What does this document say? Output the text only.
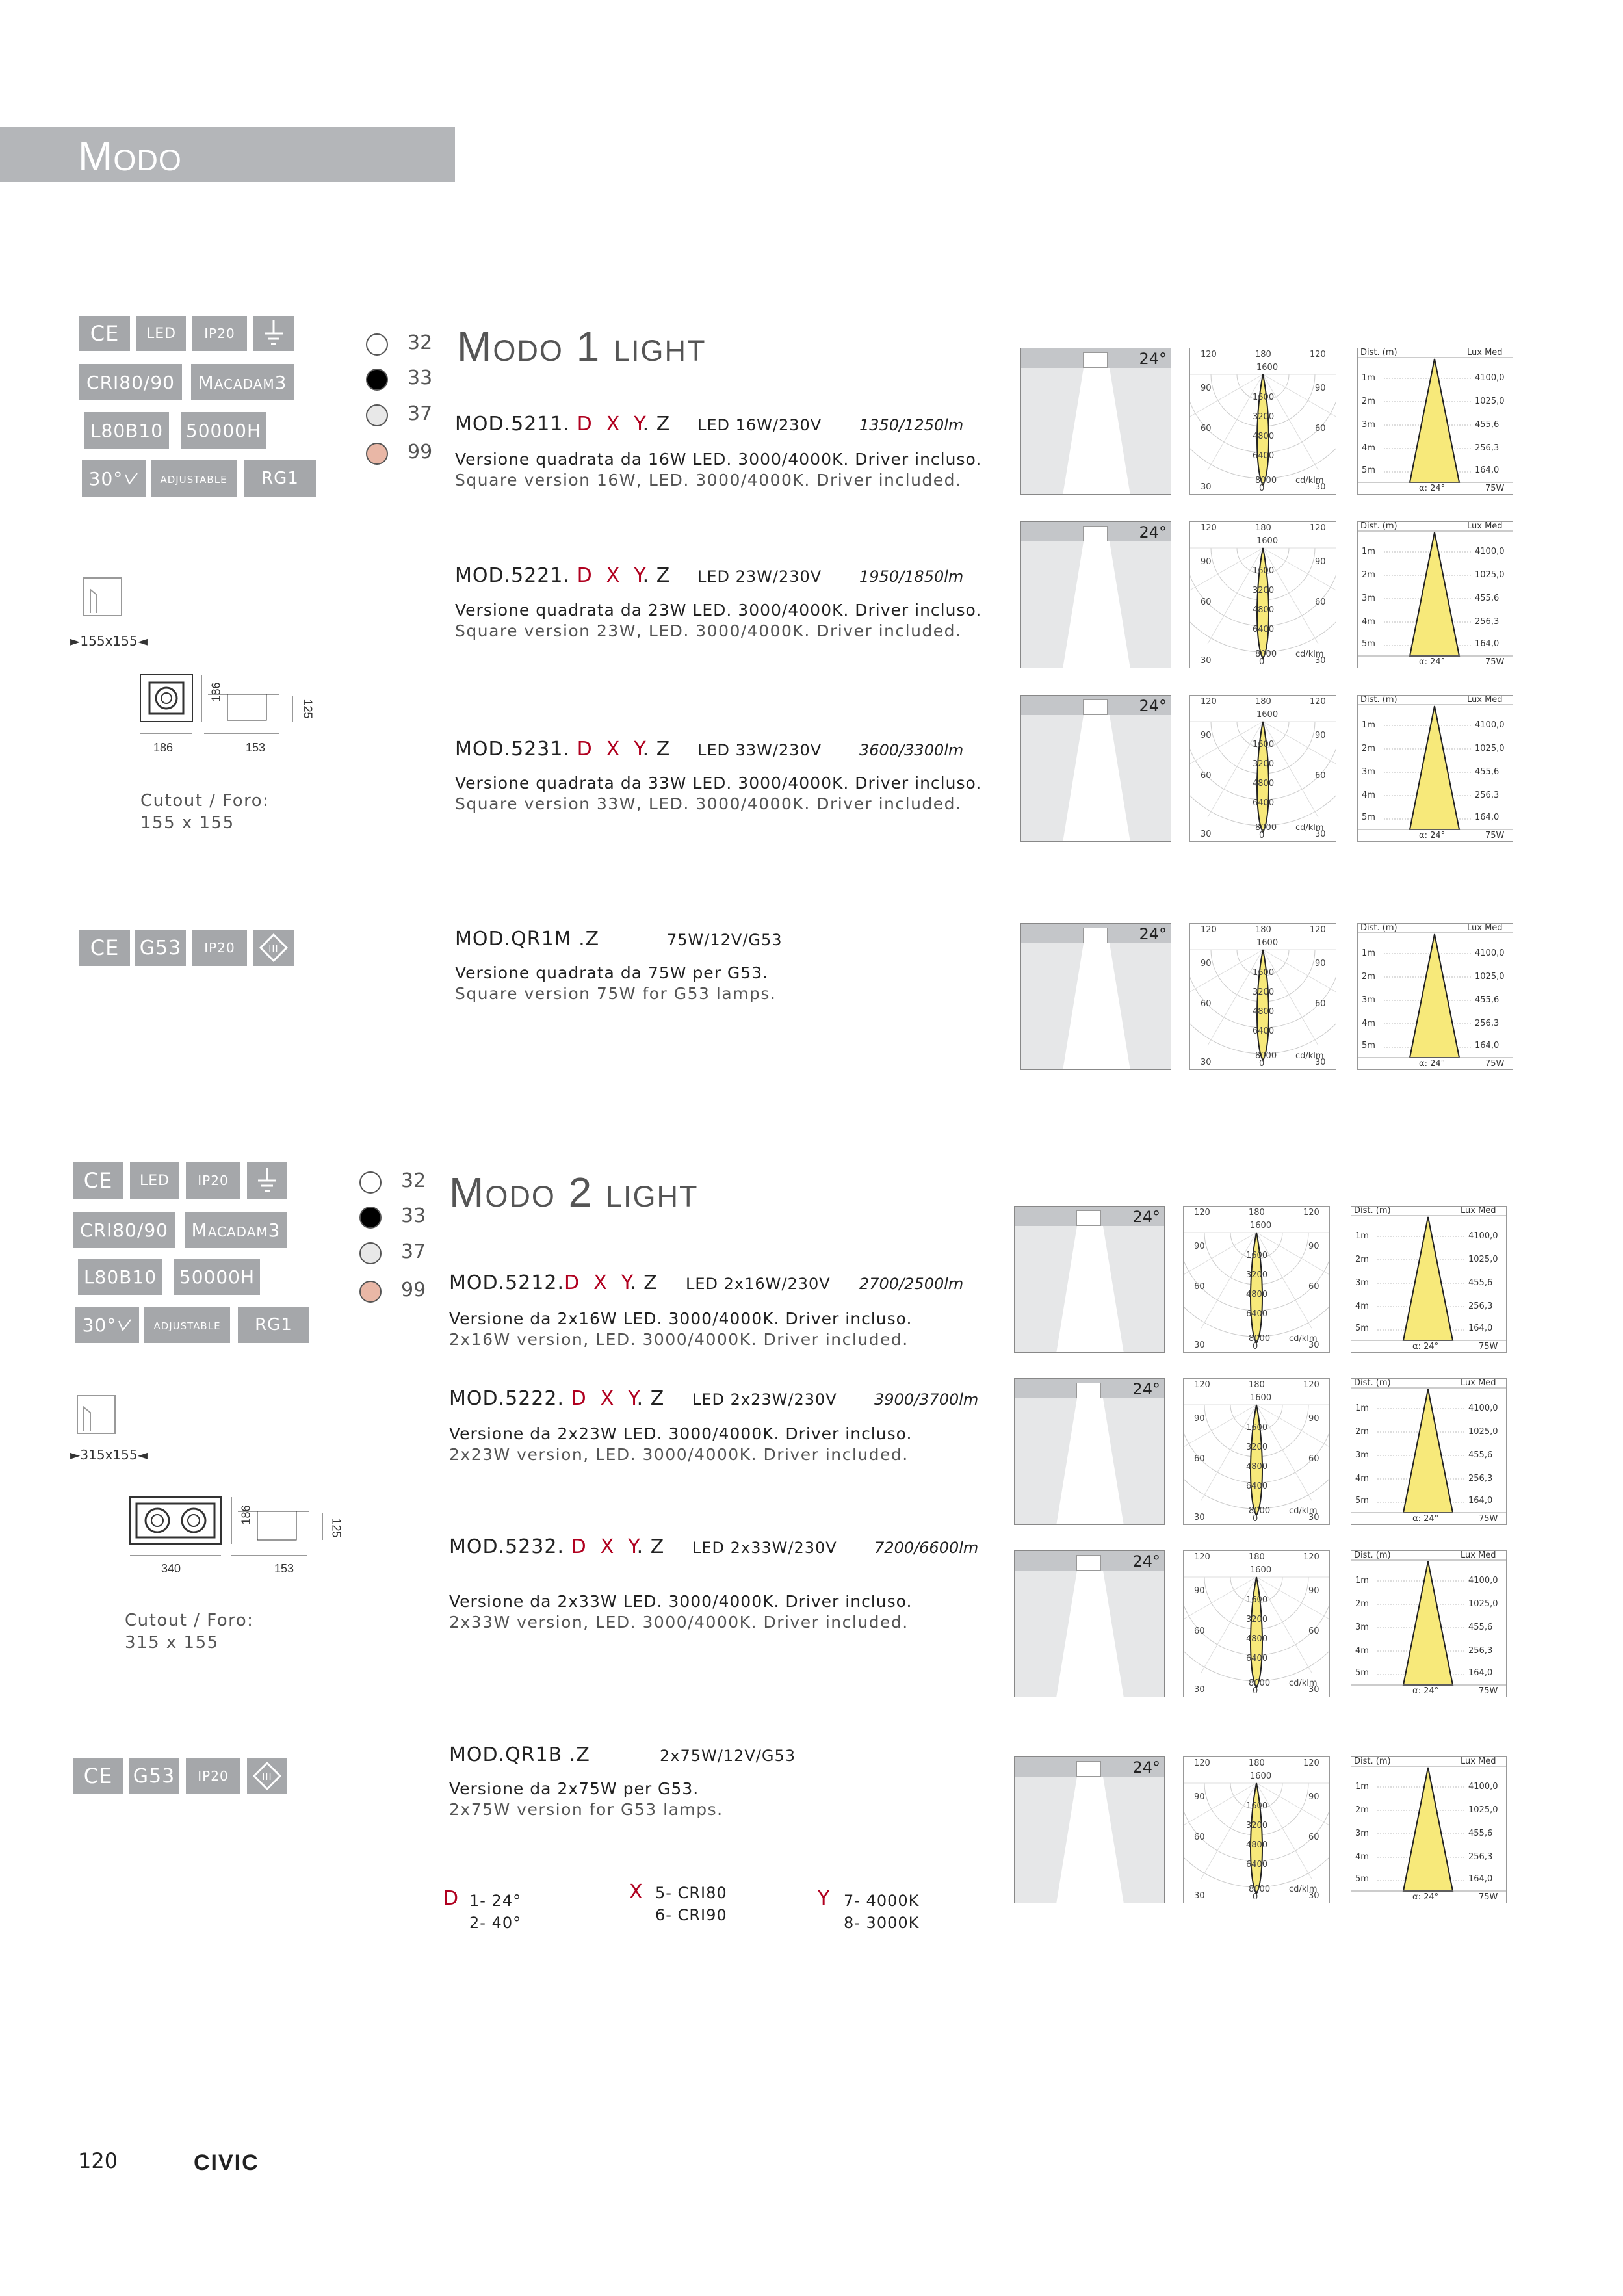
Modo
CE	LED	IP20
CRI80/90	Macadam3
L80B10	50000H
30°	adjustable	RG1
32
33
37
99
Modo 1 light
MOD.5211. D X Y. Z LED 16W/230V 1350/1250lm
Versione quadrata da 16W LED. 3000/4000K. Driver incluso.
Square version 16W, LED. 3000/4000K. Driver included.
MOD.5221. D X Y. Z LED 23W/230V 1950/1850lm
Versione quadrata da 23W LED. 3000/4000K. Driver incluso.
Square version 23W, LED. 3000/4000K. Driver included.
MOD.5231. D X Y. Z LED 33W/230V 3600/3300lm
Versione quadrata da 33W LED. 3000/4000K. Driver incluso.
Square version 33W, LED. 3000/4000K. Driver included.
►155x155◄
186	153
186
125
Cutout / Foro:
155 x 155
CE	G53	IP20	III	MOD.QR1M .Z	75W/12V/G53
Versione quadrata da 75W per G53.
Square version 75W for G53 lamps.
CE	LED	IP20
CRI80/90	Macadam3
L80B10	50000H
30°	adjustable	RG1
32
33
37
99
Modo 2 light
MOD.5212.D X Y. Z LED 2x16W/230V 2700/2500lm
Versione da 2x16W LED. 3000/4000K. Driver incluso.
2x16W version, LED. 3000/4000K. Driver included.
MOD.5222. D X Y. Z LED 2x23W/230V 3900/3700lm
Versione da 2x23W LED. 3000/4000K. Driver incluso.
2x23W version, LED. 3000/4000K. Driver included.
MOD.5232. D X Y. Z LED 2x33W/230V 7200/6600lm
Versione da 2x33W LED. 3000/4000K. Driver incluso.
2x33W version, LED. 3000/4000K. Driver included.
►315x155◄
340	153
186
125
Cutout / Foro:
315 x 155
CE	G53	IP20	III
MOD.QR1B .Z	2x75W/12V/G53
Versione da 2x75W per G53.
2x75W version for G53 lamps.
D 1- 24°
2- 40°
X 5- CRI80
6- CRI90
Y 7- 4000K
8- 3000K
24°	120	180	120
1600
90	90
60	60
30	30
0
8000 cd/klm
1600
3200
4800
6400
Dist. (m)	Lux Med
1m	4100,0
2m	1025,0
3m	455,6
4m	256,3
5m	164,0
α: 24°	75W
24°	120	180	120
1600
90	90
60	60
30	30
0
8000 cd/klm
1600
3200
4800
6400
Dist. (m)	Lux Med
1m	4100,0
2m	1025,0
3m	455,6
4m	256,3
5m	164,0
α: 24°	75W
24°	120	180	120
1600
90	90
60	60
30	30
0
8000 cd/klm
1600
3200
4800
6400
Dist. (m)	Lux Med
1m	4100,0
2m	1025,0
3m	455,6
4m	256,3
5m	164,0
α: 24°	75W
24°	120	180	120
1600
90	90
60	60
30	30
0
8000 cd/klm
1600
3200
4800
6400
Dist. (m)	Lux Med
1m	4100,0
2m	1025,0
3m	455,6
4m	256,3
5m	164,0
α: 24°	75W
24°	120	180	120
1600
90	90
60	60
30	30
0
8000 cd/klm
1600
3200
4800
6400
Dist. (m)	Lux Med
1m	4100,0
2m	1025,0
3m	455,6
4m	256,3
5m	164,0
α: 24°	75W
24°	120	180	120
1600
90	90
60	60
30	30
0
8000 cd/klm
1600
3200
4800
6400
Dist. (m)	Lux Med
1m	4100,0
2m	1025,0
3m	455,6
4m	256,3
5m	164,0
α: 24°	75W
24°	120	180	120
1600
90	90
60	60
30	30
0
8000 cd/klm
1600
3200
4800
6400
Dist. (m)	Lux Med
1m	4100,0
2m	1025,0
3m	455,6
4m	256,3
5m	164,0
α: 24°	75W
24°	120	180	120
1600
90	90
60	60
30	30
0
8000 cd/klm
1600
3200
4800
6400
Dist. (m)	Lux Med
1m	4100,0
2m	1025,0
3m	455,6
4m	256,3
5m	164,0
α: 24°	75W
120	CIVIC
